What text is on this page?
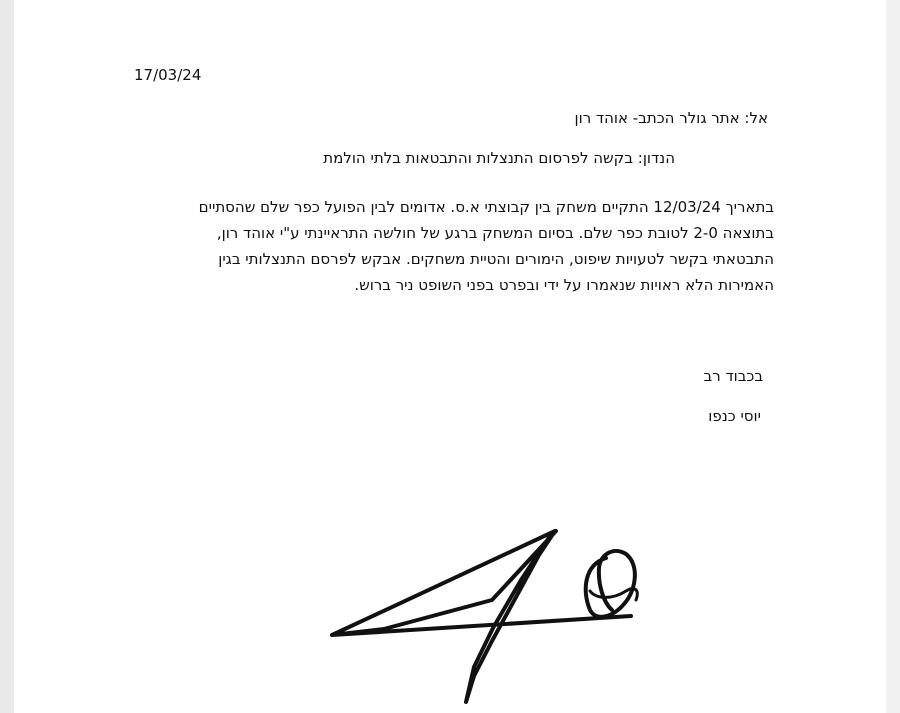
17/03/24
אל: אתר גולר הכתב- אוהד רון
הנדון: בקשה לפרסום התנצלות והתבטאות בלתי הולמת
בתאריך 12/03/24 התקיים משחק בין קבוצתי א.ס. אדומים לבין הפועל כפר שלם שהסתיים
בתוצאה 2-0 לטובת כפר שלם. בסיום המשחק ברגע של חולשה התראיינתי ע"י אוהד רון,
התבטאתי בקשר לטעויות שיפוט, הימורים והטיית משחקים. אבקש לפרסם התנצלותי בגין
האמירות הלא ראויות שנאמרו על ידי ובפרט בפני השופט ניר ברוש.
בכבוד רב
יוסי כנפו
